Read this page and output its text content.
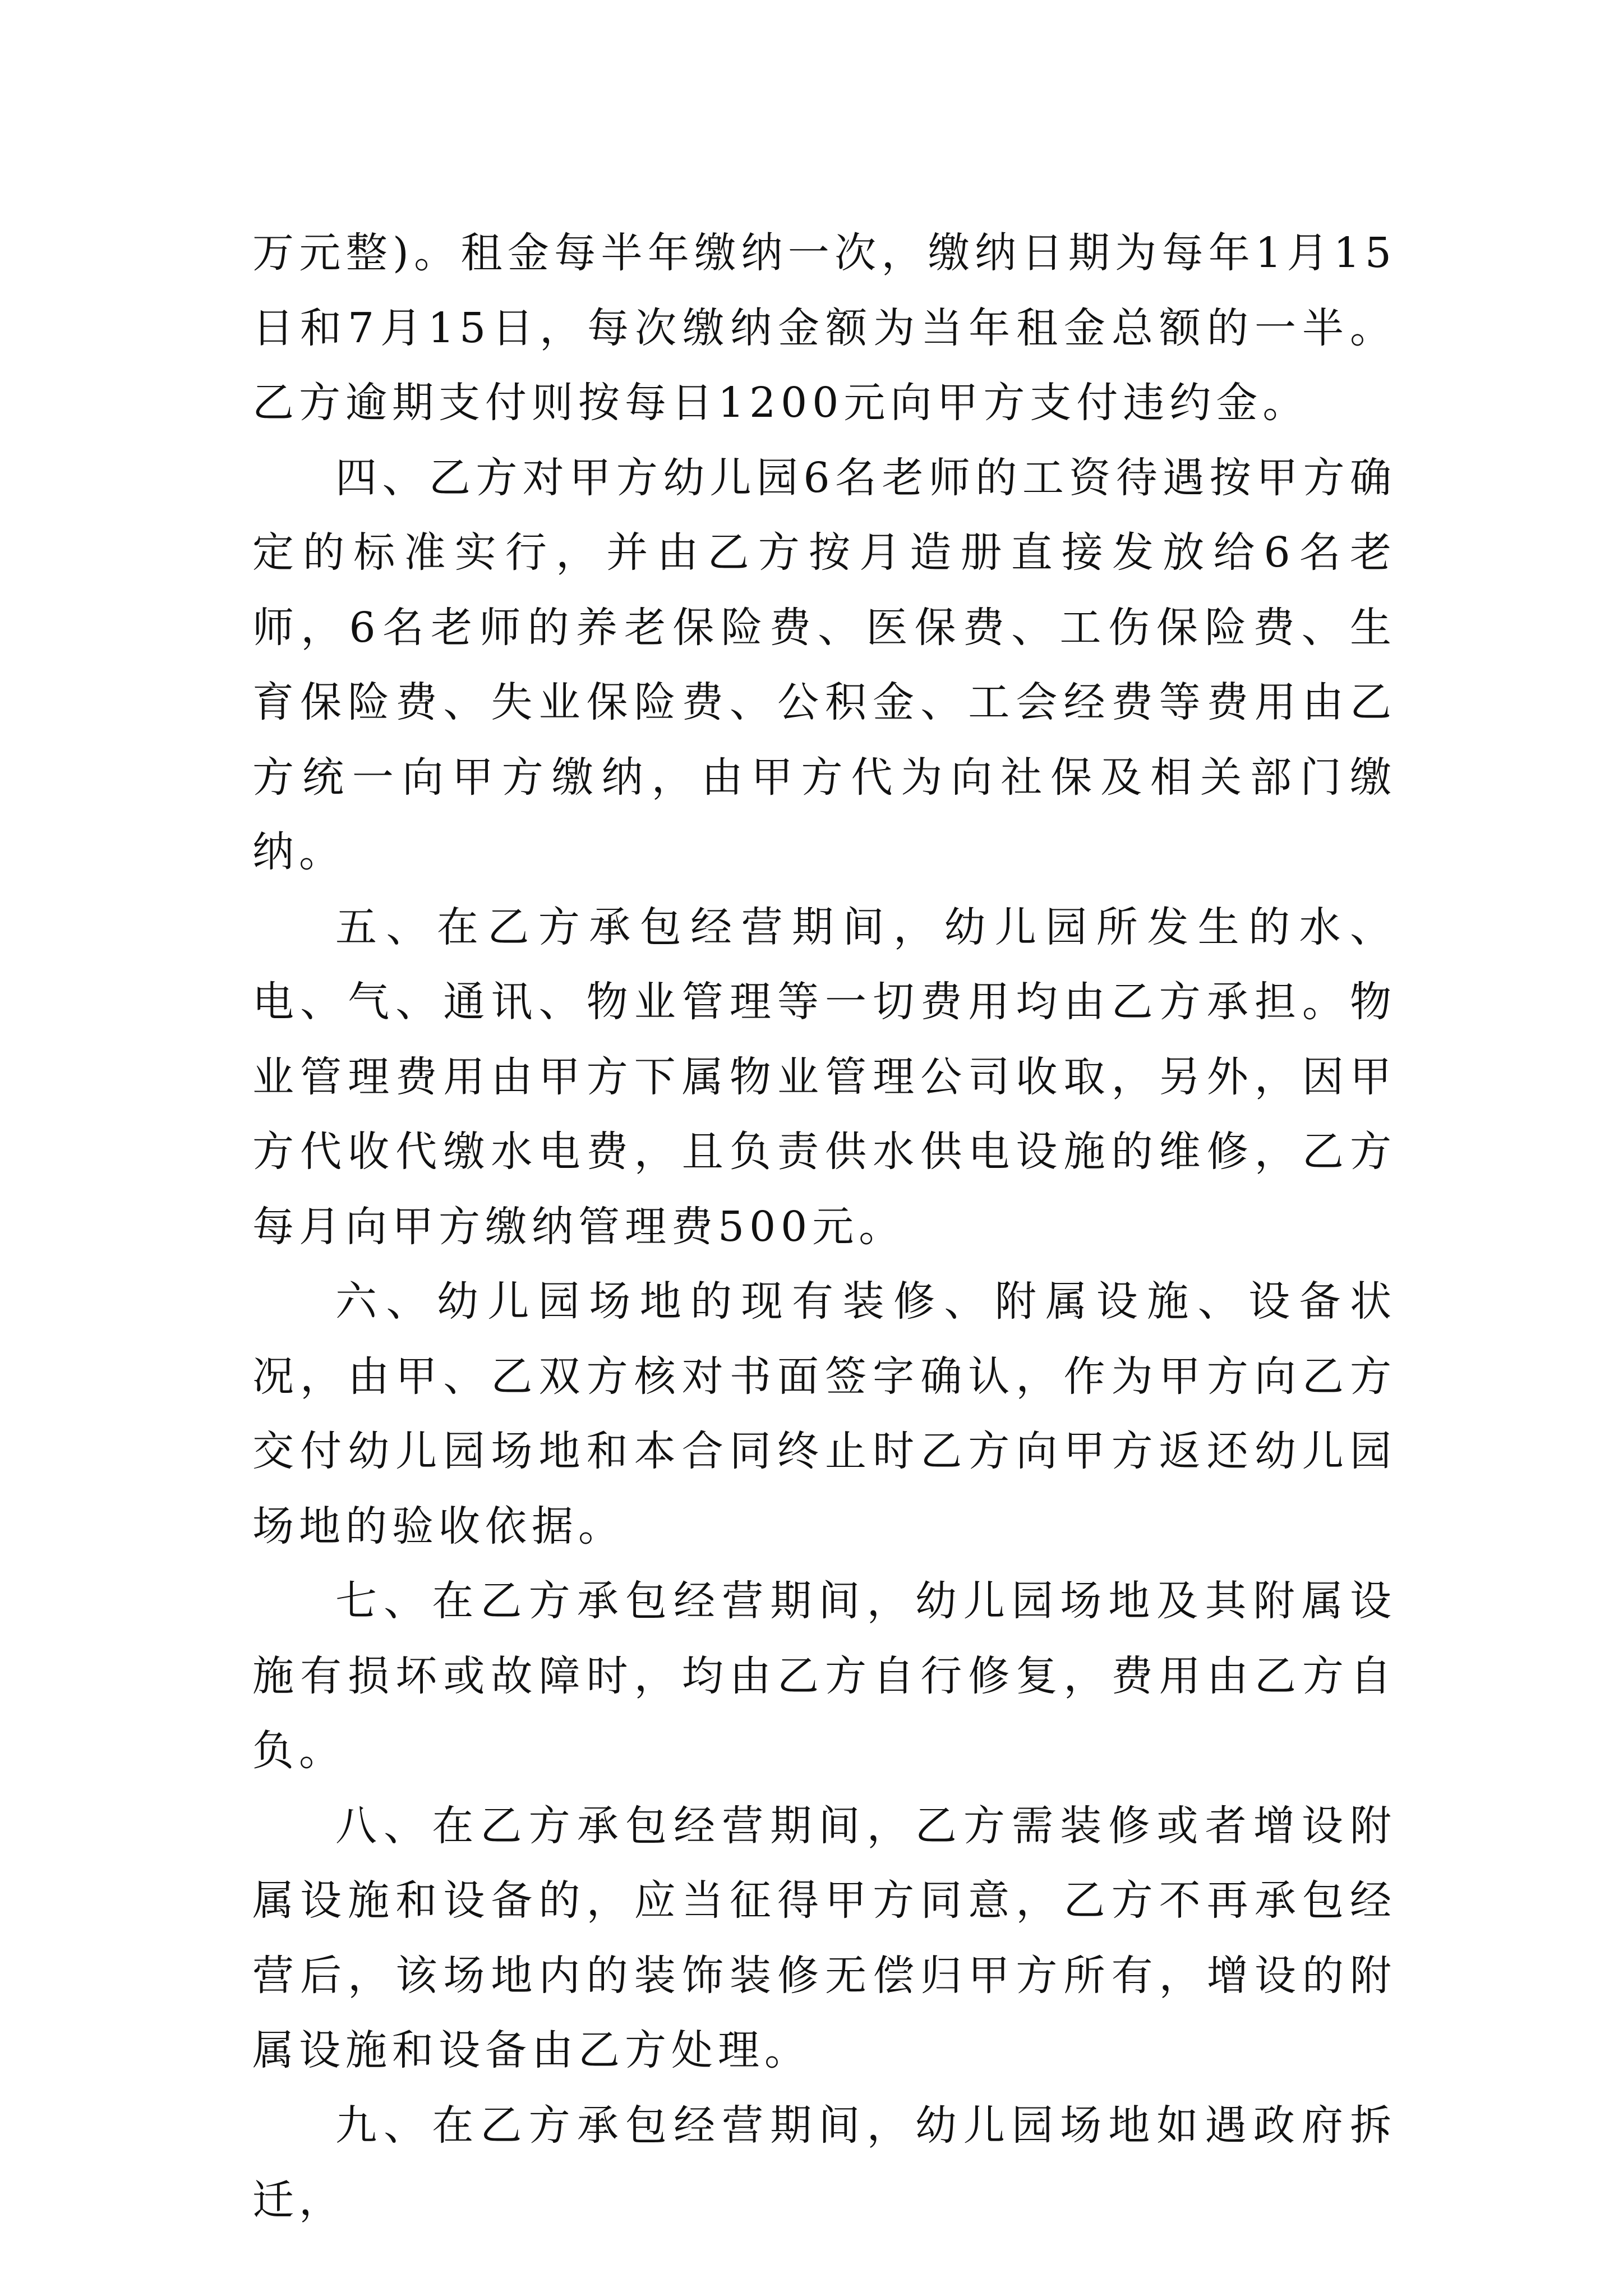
万元整)。租金每半年缴纳一次，缴纳日期为每年1月15日和7月15日，每次缴纳金额为当年租金总额的一半。乙方逾期支付则按每日1200元向甲方支付违约金。

四、乙方对甲方幼儿园6名老师的工资待遇按甲方确定的标准实行，并由乙方按月造册直接发放给6名老师，6名老师的养老保险费、医保费、工伤保险费、生育保险费、失业保险费、公积金、工会经费等费用由乙方统一向甲方缴纳，由甲方代为向社保及相关部门缴纳。

五、在乙方承包经营期间，幼儿园所发生的水、电、气、通讯、物业管理等一切费用均由乙方承担。物业管理费用由甲方下属物业管理公司收取，另外，因甲方代收代缴水电费，且负责供水供电设施的维修，乙方每月向甲方缴纳管理费500元。

六、幼儿园场地的现有装修、附属设施、设备状况，由甲、乙双方核对书面签字确认，作为甲方向乙方交付幼儿园场地和本合同终止时乙方向甲方返还幼儿园场地的验收依据。

七、在乙方承包经营期间，幼儿园场地及其附属设施有损坏或故障时，均由乙方自行修复，费用由乙方自负。

八、在乙方承包经营期间，乙方需装修或者增设附属设施和设备的，应当征得甲方同意，乙方不再承包经营后，该场地内的装饰装修无偿归甲方所有，增设的附属设施和设备由乙方处理。

九、在乙方承包经营期间，幼儿园场地如遇政府拆迁，
